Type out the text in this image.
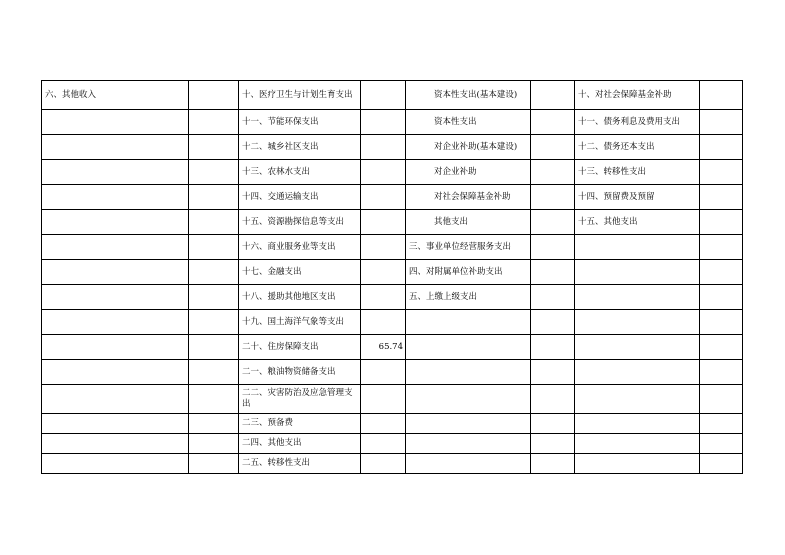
六、其他收入		十、医疗卫生与计划生育支出		资本性支出(基本建设)		十、对社会保障基金补助	
		十一、节能环保支出		资本性支出		十一、债务利息及费用支出	
		十二、城乡社区支出		对企业补助(基本建设)		十二、债务还本支出	
		十三、农林水支出		对企业补助		十三、转移性支出	
		十四、交通运输支出		对社会保障基金补助		十四、预留费及预留	
		十五、资源勘探信息等支出		其他支出		十五、其他支出	
		十六、商业服务业等支出		三、事业单位经营服务支出			
		十七、金融支出		四、对附属单位补助支出			
		十八、援助其他地区支出		五、上缴上级支出			
		十九、国土海洋气象等支出					
		二十、住房保障支出	65.74				
		二一、粮油物资储备支出					
		二二、灾害防治及应急管理支出					
		二三、预备费					
		二四、其他支出					
		二五、转移性支出					
